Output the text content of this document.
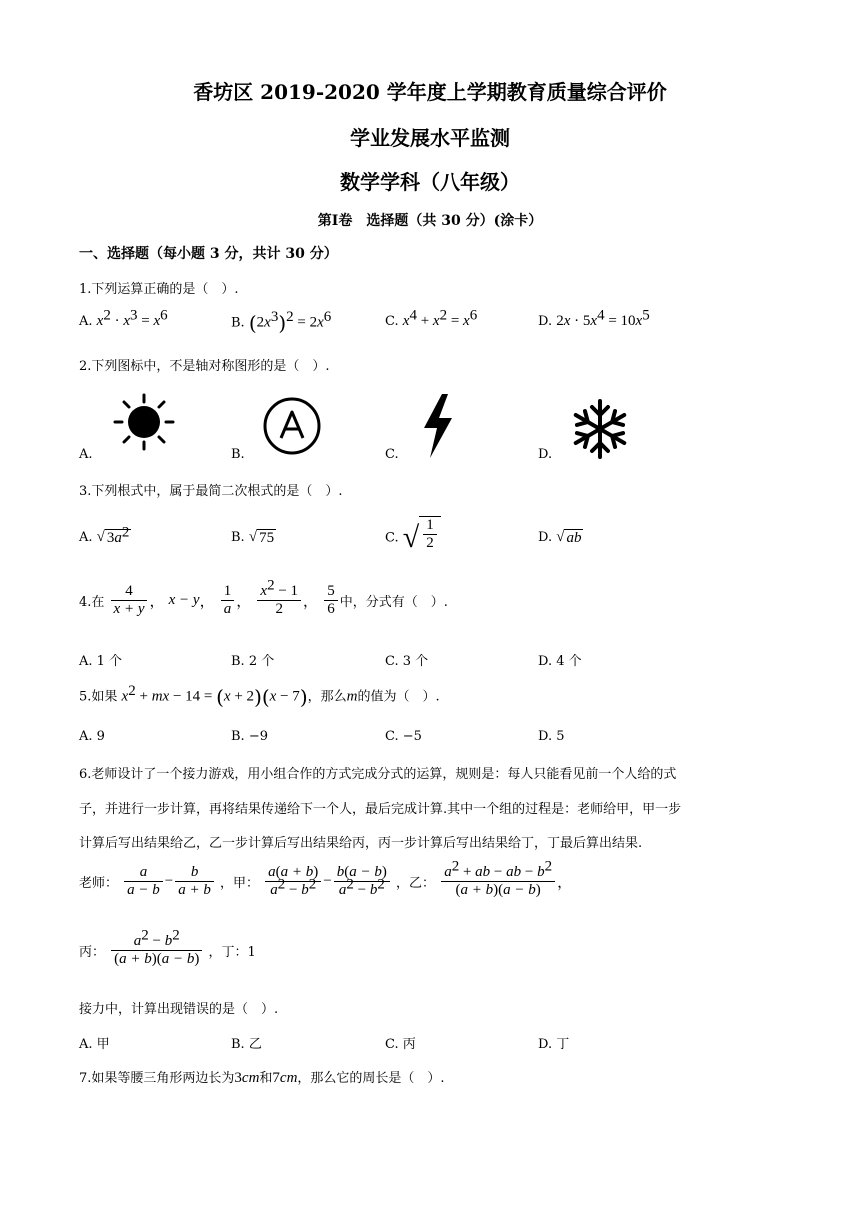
香坊区 2019-2020 学年度上学期教育质量综合评价
学业发展水平监测
数学学科（八年级）
第Ⅰ卷　选择题（共 30 分）(涂卡）
一、选择题（每小题 3 分，共计 30 分）
1.下列运算正确的是（　）.
A. $x^2 \cdot x^3 = x^6$	B. $(2x^3)^2 = 2x^6$	C. $x^4 + x^2 = x^6$	D. $2x \cdot 5x^4 = 10x^5$
2.下列图标中，不是轴对称图形的是（　）.
A.	B.	C.	D.
3.下列根式中，属于最简二次根式的是（　）.
A. √ $3a^2$	B. √ 75	C. √ $\frac{1}{2}$	D. √ ab
4.在 $\frac{4}{x + y}$ ， x − y， $\frac{1}{a}$ ， $\frac{x^2 - 1}{2}$ ， $\frac{5}{6}$ 中，分式有（　）.
A. 1 个	B. 2 个	C. 3 个	D. 4 个
5.如果 $x^2$ + mx − 14 = (x + 2)(x − 7)，那么m的值为（　）.
A. 9	B. −9	C. −5	D. 5
6.老师设计了一个接力游戏，用小组合作的方式完成分式的运算，规则是：每人只能看见前一个人给的式
子，并进行一步计算，再将结果传递给下一个人，最后完成计算.其中一个组的过程是：老师给甲，甲一步
计算后写出结果给乙，乙一步计算后写出结果给丙，丙一步计算后写出结果给丁，丁最后算出结果.
老师： $\frac{a}{a - b} - \frac{b}{a + b}$ ，甲： $\frac{a(a + b)}{a^2 - b^2} - \frac{b(a - b)}{a^2 - b^2}$ ，乙： $\frac{a^2 + ab - ab - b^2}{(a + b)(a - b)}$ ，
丙： $\frac{a^2 - b^2}{(a + b)(a - b)}$ ，丁：1
接力中，计算出现错误的是（　）.
A. 甲	B. 乙	C. 丙	D. 丁
7.如果等腰三角形两边长为3cm和7cm，那么它的周长是（　）.
